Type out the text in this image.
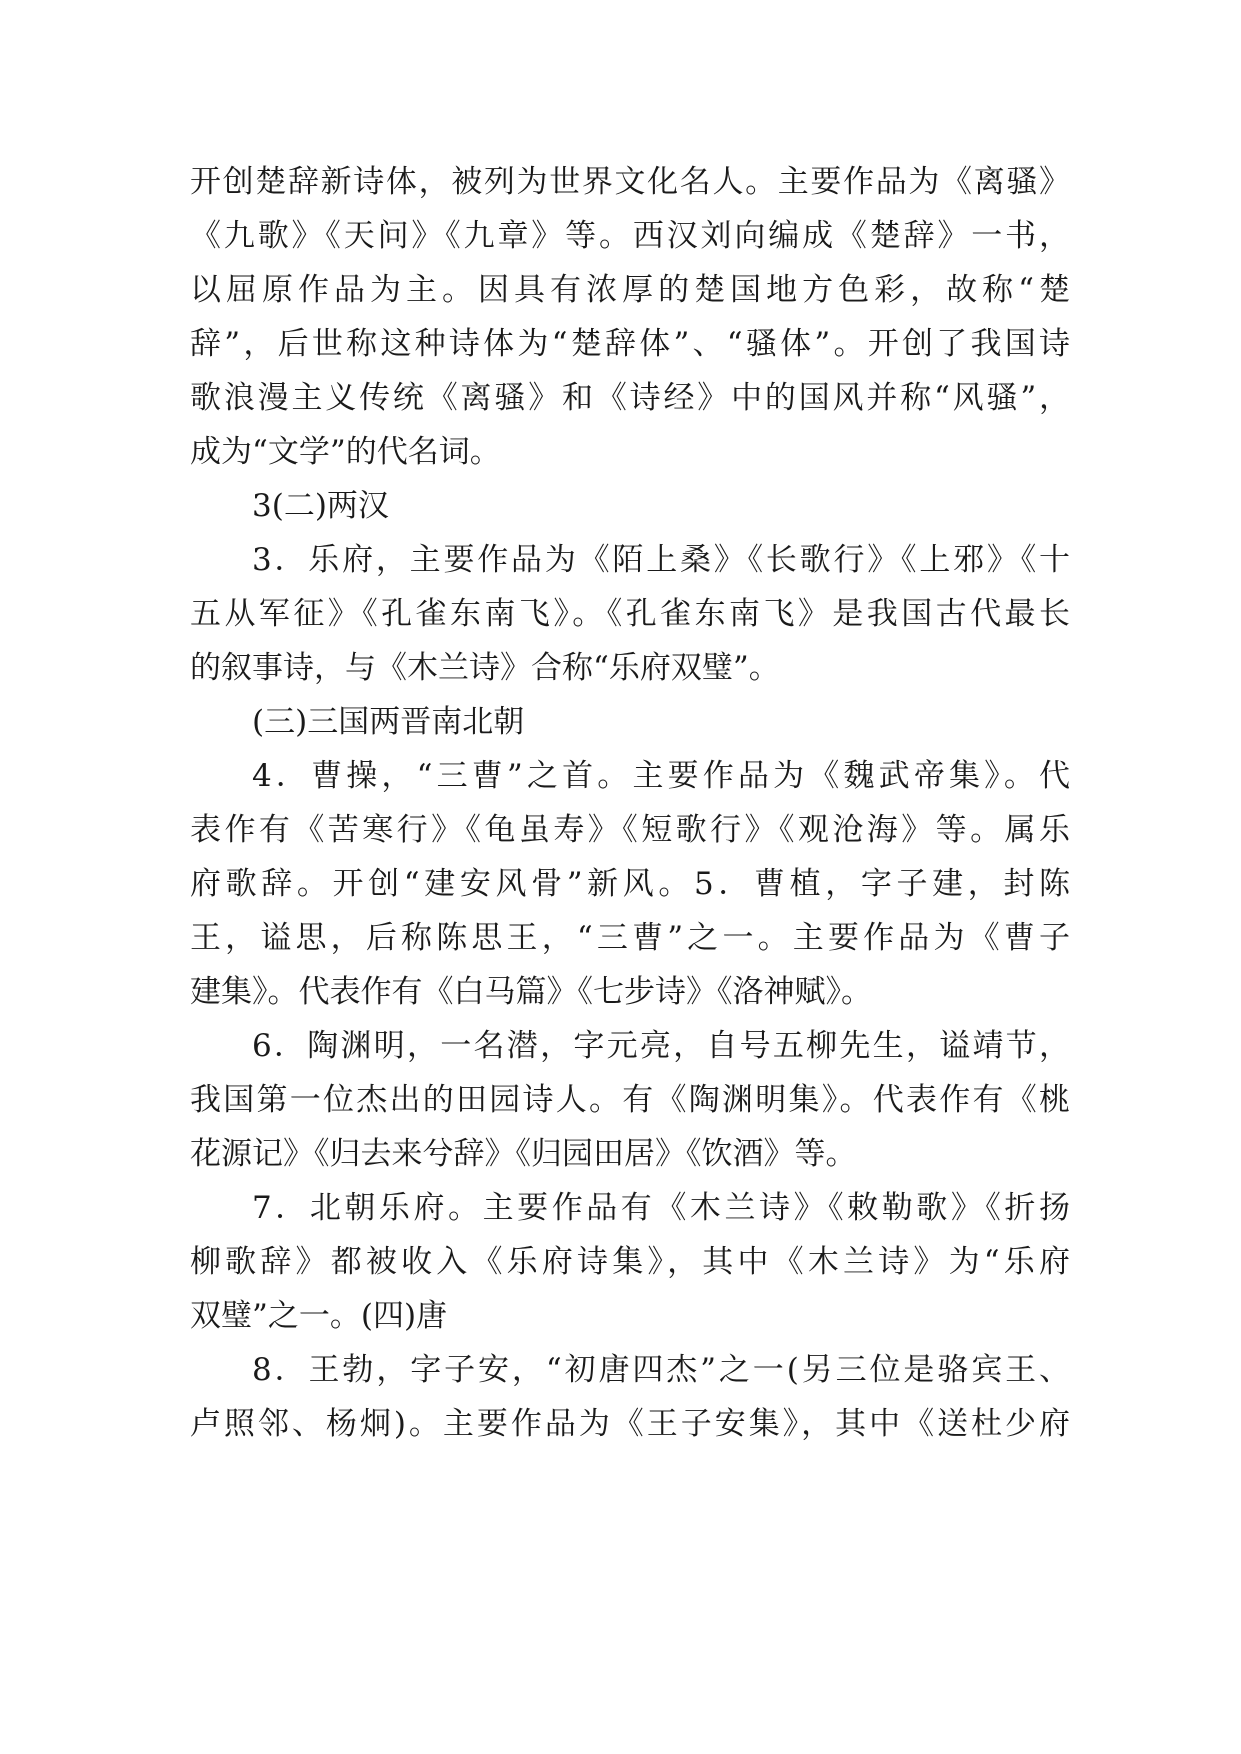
开创楚辞新诗体，被列为世界文化名人。主要作品为《离骚》
《九歌》《天问》《九章》等。西汉刘向编成《楚辞》一书，
以屈原作品为主。因具有浓厚的楚国地方色彩，故称“楚
辞”，后世称这种诗体为“楚辞体”、“骚体”。开创了我国诗
歌浪漫主义传统《离骚》和《诗经》中的国风并称“风骚”，
成为“文学”的代名词。
3(二)两汉
3．乐府，主要作品为《陌上桑》《长歌行》《上邪》《十
五从军征》《孔雀东南飞》。《孔雀东南飞》是我国古代最长
的叙事诗，与《木兰诗》合称“乐府双璧”。
(三)三国两晋南北朝
4．曹操，“三曹”之首。主要作品为《魏武帝集》。代
表作有《苦寒行》《龟虽寿》《短歌行》《观沧海》等。属乐
府歌辞。开创“建安风骨”新风。5．曹植，字子建，封陈
王，谥思，后称陈思王，“三曹”之一。主要作品为《曹子
建集》。代表作有《白马篇》《七步诗》《洛神赋》。
6．陶渊明，一名潜，字元亮，自号五柳先生，谥靖节，
我国第一位杰出的田园诗人。有《陶渊明集》。代表作有《桃
花源记》《归去来兮辞》《归园田居》《饮酒》等。
7．北朝乐府。主要作品有《木兰诗》《敕勒歌》《折扬
柳歌辞》都被收入《乐府诗集》，其中《木兰诗》为“乐府
双璧”之一。(四)唐
8．王勃，字子安，“初唐四杰”之一(另三位是骆宾王、
卢照邻、杨炯)。主要作品为《王子安集》，其中《送杜少府
